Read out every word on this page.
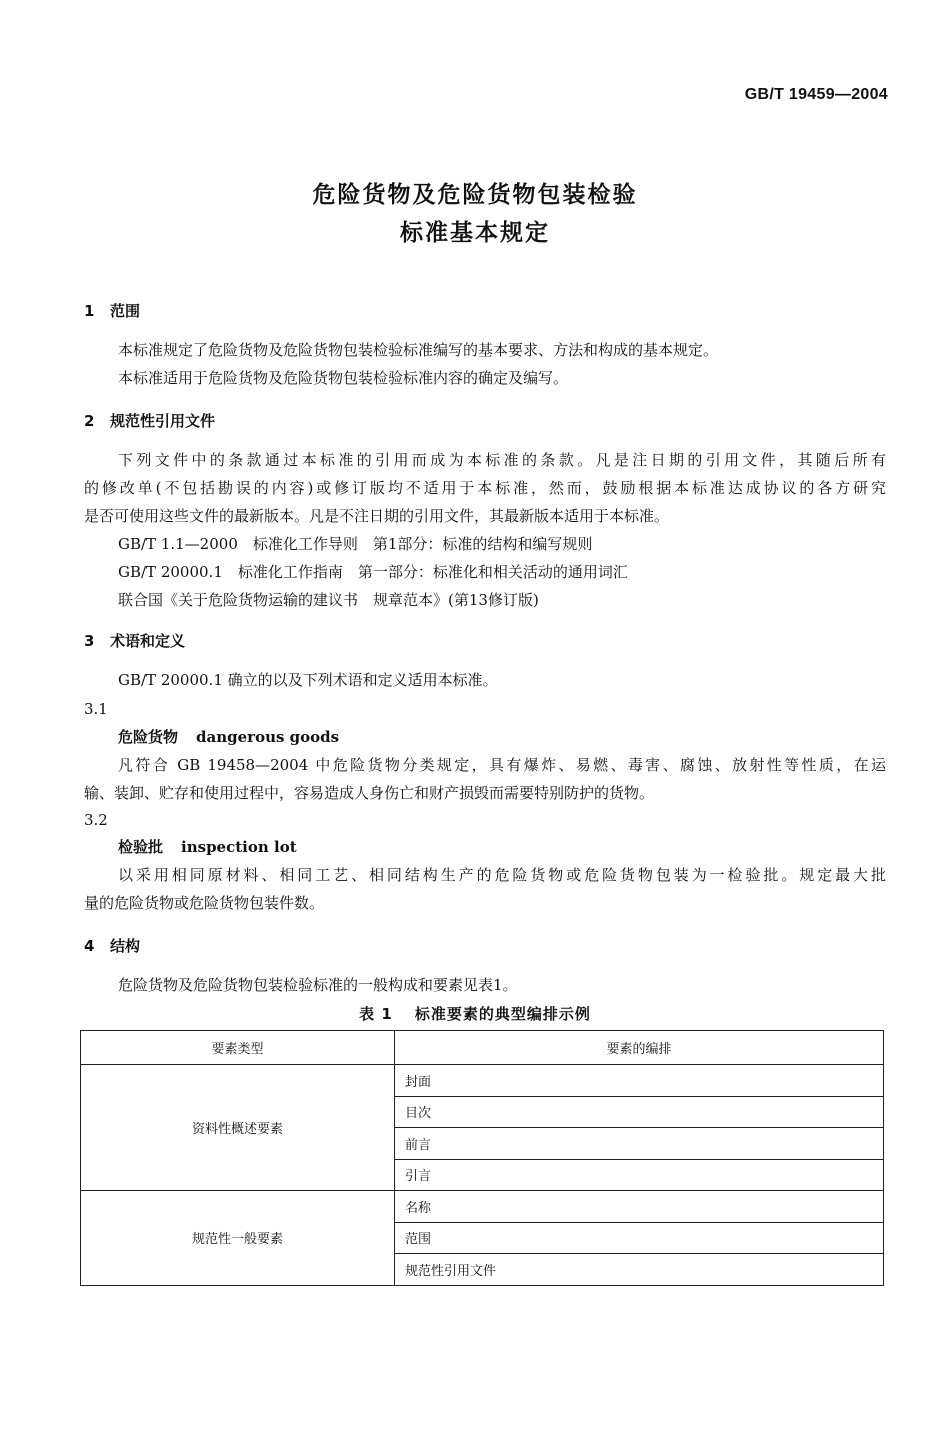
GB/T 19459—2004
危险货物及危险货物包装检验
标准基本规定
1 范围
本标准规定了危险货物及危险货物包装检验标准编写的基本要求、方法和构成的基本规定。
本标准适用于危险货物及危险货物包装检验标准内容的确定及编写。
2 规范性引用文件
下列文件中的条款通过本标准的引用而成为本标准的条款。凡是注日期的引用文件，其随后所有
的修改单(不包括勘误的内容)或修订版均不适用于本标准，然而，鼓励根据本标准达成协议的各方研究
是否可使用这些文件的最新版本。凡是不注日期的引用文件，其最新版本适用于本标准。
GB/T 1.1—2000　标准化工作导则　第1部分：标准的结构和编写规则
GB/T 20000.1　标准化工作指南　第一部分：标准化和相关活动的通用词汇
联合国《关于危险货物运输的建议书　规章范本》(第13修订版)
3 术语和定义
GB/T 20000.1 确立的以及下列术语和定义适用本标准。
3.1
危险货物 dangerous goods
凡符合 GB 19458—2004 中危险货物分类规定，具有爆炸、易燃、毒害、腐蚀、放射性等性质，在运
输、装卸、贮存和使用过程中，容易造成人身伤亡和财产损毁而需要特别防护的货物。
3.2
检验批 inspection lot
以采用相同原材料、相同工艺、相同结构生产的危险货物或危险货物包装为一检验批。规定最大批
量的危险货物或危险货物包装件数。
4 结构
危险货物及危险货物包装检验标准的一般构成和要素见表1。
表 1 标准要素的典型编排示例
要素类型	要素的编排
资料性概述要素	封面
	目次
	前言
	引言
规范性一般要素	名称
	范围
	规范性引用文件
